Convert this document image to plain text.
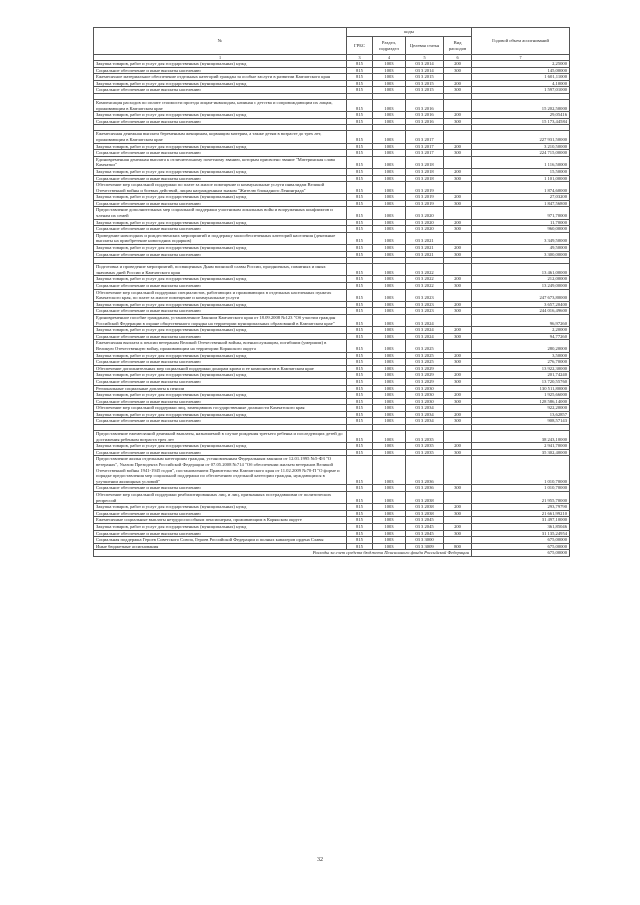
№	коды				Годовой объем ассигнований
	ГРБС	Раздел, подраздел	Целевая статья	Вид расходов	
1	3	4	5	6	7
Закупка товаров, работ и услуг для государственных (муниципальных) нужд	815	1003	03 3 2014	200	2,25000
Социальное обеспечение и иные выплаты населению	815	1003	03 3 2014	300	145,00000
Ежемесячное материальное обеспечение отдельных категорий граждан за особые заслуги в развитии Камчатского края	815	1003	03 3 2015		1 601,11000
Закупка товаров, работ и услуг для государственных (муниципальных) нужд	815	1003	03 3 2015	200	4,10000
Социальное обеспечение и иные выплаты населению	815	1003	03 3 2015	300	1 597,01000

Компенсация расходов по оплате стоимости проезда лицам-инвалидам, начиная с детства и сопровождающим их лицам, проживающим в Камчатском крае	815	1003	03 3 2016		15 202,50000
Закупка товаров, работ и услуг для государственных (муниципальных) нужд	815	1003	03 3 2016	200	29,05416
Социальное обеспечение и иные выплаты населению	815	1003	03 3 2016	300	15 173,44584

Ежемесячная денежная выплата беременным женщинам, кормящим матерям, а также детям в возрасте до трех лет, проживающим в Камчатском крае	815	1003	03 3 2017		227 931,50000
Закупка товаров, работ и услуг для государственных (муниципальных) нужд	815	1003	03 3 2017	200	3 210,50000
Социальное обеспечение и иные выплаты населению	815	1003	03 3 2017	300	224 715,00000
Единовременная денежная выплата к отличительному почетному званию, которым присвоено звание "Материнская слава Камчатки"	815	1003	03 3 2018		1 116,50000
Закупка товаров, работ и услуг для государственных (муниципальных) нужд	815	1003	03 3 2018	200	15,50000
Социальное обеспечение и иные выплаты населению	815	1003	03 3 2018	300	1 101,00000
Обеспечение мер социальной поддержки по плате за жилое помещение и коммунальные услуги инвалидам Великой Отечественной войны и боевых действий, лицам награжденным знаком "Жителю блокадного Ленинграда"	815	1003	03 3 2019		1 874,60000
Закупка товаров, работ и услуг для государственных (муниципальных) нужд	815	1003	03 3 2019	200	27,03200
Социальное обеспечение и иные выплаты населению	815	1003	03 3 2019	300	1 847,56800
Предоставление дополнительных мер социальной поддержки участникам локальных войн и вооруженных конфликтов и членам их семей	815	1003	03 3 2020		971,70000
Закупка товаров, работ и услуг для государственных (муниципальных) нужд	815	1003	03 3 2020	200	11,70000
Социальное обеспечение и иные выплаты населению	815	1003	03 3 2020	300	960,00000
Проведение новогодних и рождественских мероприятий и поддержку малообеспеченных категорий населения (денежные выплаты на приобретение новогодних подарков)	815	1003	03 3 2021		3 349,50000
Закупка товаров, работ и услуг для государственных (муниципальных) нужд	815	1003	03 3 2021	200	49,50000
Социальное обеспечение и иные выплаты населению	815	1003	03 3 2021	300	3 300,00000

Подготовка и проведение мероприятий, посвященных Дням воинской славы России, праздничных, памятных и иных значимых дней России и Камчатского края	815	1003	03 3 2022		13 461,00000
Закупка товаров, работ и услуг для государственных (муниципальных) нужд	815	1003	03 3 2022	200	212,00000
Социальное обеспечение и иные выплаты населению	815	1003	03 3 2022	300	13 249,00000
Обеспечение мер социальной поддержки специалистов, работающих и проживающих в отдельных населенных пунктах Камчатского края, по плате за жилое помещение и коммунальные услуги	815	1003	03 3 2023		247 673,80000
Закупка товаров, работ и услуг для государственных (муниципальных) нужд	815	1003	03 3 2023	200	3 657,20400
Социальное обеспечение и иные выплаты населению	815	1003	03 3 2023	300	244 016,49600
Единовременное пособие гражданам, установленное Законом Камчатского края от 18.09.2008 №123 "Об участии граждан Российской Федерации в охране общественного порядка на территории муниципальных образований в Камчатском крае"	815	1003	03 3 2024		96,97260
Закупка товаров, работ и услуг для государственных (муниципальных) нужд	815	1003	03 3 2024	200	2,20000
Социальное обеспечение и иные выплаты населению	815	1003	03 3 2024	300	94,77260
Ежемесячная выплата к пенсии ветеранам Великой Отечественной войны, военнослужащим, погибшим (умершим) в Великую Отечественную войну, проживающим на территории Корякского округа	815	1003	03 3 2025		280,20000
Закупка товаров, работ и услуг для государственных (муниципальных) нужд	815	1003	03 3 2025	200	3,50000
Социальное обеспечение и иные выплаты населению	815	1003	03 3 2025	300	276,70000
Обеспечение дополнительных мер социальной поддержки донорам крови и ее компонентов в Камчатском крае	815	1003	03 3 2029		13 922,30000
Закупка товаров, работ и услуг для государственных (муниципальных) нужд	815	1003	03 3 2029	200	201,74240
Социальное обеспечение и иные выплаты населению	815	1003	03 3 2029	300	13 720,55760
Региональные социальные доплаты к пенсии	815	1003	03 3 2030		130 511,80000
Закупка товаров, работ и услуг для государственных (муниципальных) нужд	815	1003	03 3 2030	200	1 925,66000
Социальное обеспечение и иные выплаты населению	815	1003	03 3 2030	300	128 586,14000
Обеспечение мер социальной поддержки лиц, замещавших государственные должности Камчатского края	815	1003	03 3 2034		922,20000
Закупка товаров, работ и услуг для государственных (муниципальных) нужд	815	1003	03 3 2034	200	13,62857
Социальное обеспечение и иные выплаты населению	815	1003	03 3 2034	300	908,57143

Предоставление ежемесячной денежной выплаты, назначаемой в случае рождения третьего ребенка и последующих детей до достижения ребенком возраста трех лет	815	1003	03 3 2035		38 243,10000
Закупка товаров, работ и услуг для государственных (муниципальных) нужд	815	1003	03 3 2035	200	2 941,70000
Социальное обеспечение и иные выплаты населению	815	1003	03 3 2035	300	35 302,40000
Предоставление жилья отдельным категориям граждан, установленным Федеральным законом от 12.01.1995 №5-ФЗ "О ветеранах", Указом Президента Российской Федерации от 07.05.2008 №714 "Об обеспечении жильем ветеранов Великой Отечественной войны 1941-1945 годов", постановлением Правительства Камчатского края от 11.02.2009 №70-П "О форме и порядке предоставления мер социальной поддержки по обеспечению отдельной категории граждан, нуждающихся в улучшении жилищных условий"	815	1003	03 3 2036		1 010,70000
Социальное обеспечение и иные выплаты населению	815	1003	03 3 2036	300	1 010,70000
Обеспечение мер социальной поддержки реабилитированных лиц, и лиц, признанных пострадавшими от политических репрессий	815	1003	03 3 2038		21 955,70000
Закупка товаров, работ и услуг для государственных (муниципальных) нужд	815	1003	03 3 2038	200	293,79790
Социальное обеспечение и иные выплаты населению	815	1003	03 3 2038	300	21 661,99210
Ежемесячные социальные выплаты нетрудоспособным пенсионерам, проживающим в Корякском округе	815	1003	03 3 2045		31 497,10000
Закупка товаров, работ и услуг для государственных (муниципальных) нужд	815	1003	03 3 2045	200	361,85046
Социальное обеспечение и иные выплаты населению	815	1003	03 3 2045	300	31 135,24954
Социальная поддержка Героев Советского Союза, Героев Российской Федерации и полных кавалеров ордена Славы	815	1003	03 3 3000		675,00000
Иные бюджетные ассигнования	815	1003	03 3 3009	800	675,00000
Расходы за счет средств бюджета Пенсионного фонда Российской Федерации					675,00000
32
